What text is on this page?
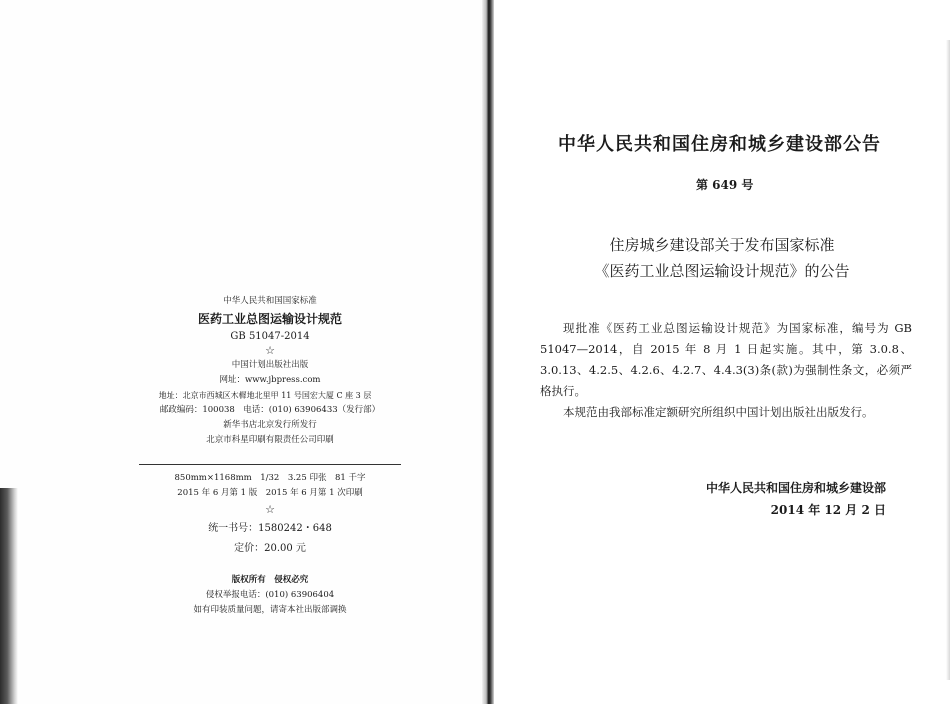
中华人民共和国国家标准
医药工业总图运输设计规范
GB 51047-2014
☆
中国计划出版社出版
网址：www.jbpress.com
地址：北京市西城区木樨地北里甲 11 号国宏大厦 C 座 3 层
邮政编码：100038　电话：(010) 63906433（发行部）
新华书店北京发行所发行
北京市科星印刷有限责任公司印刷
850mm×1168mm　1/32　3.25 印张　81 千字
2015 年 6 月第 1 版　2015 年 6 月第 1 次印刷
☆
统一书号：1580242・648
定价：20.00 元
版权所有　侵权必究
侵权举报电话：(010) 63906404
如有印装质量问题，请寄本社出版部调换
中华人民共和国住房和城乡建设部公告
第 649 号
住房城乡建设部关于发布国家标准
《医药工业总图运输设计规范》的公告

现批准《医药工业总图运输设计规范》为国家标准，编号为 GB 51047—2014，自 2015 年 8 月 1 日起实施。其中，第 3.0.8、3.0.13、4.2.5、4.2.6、4.2.7、4.4.3(3)条(款)为强制性条文，必须严格执行。

本规范由我部标准定额研究所组织中国计划出版社出版发行。

中华人民共和国住房和城乡建设部
2014 年 12 月 2 日
